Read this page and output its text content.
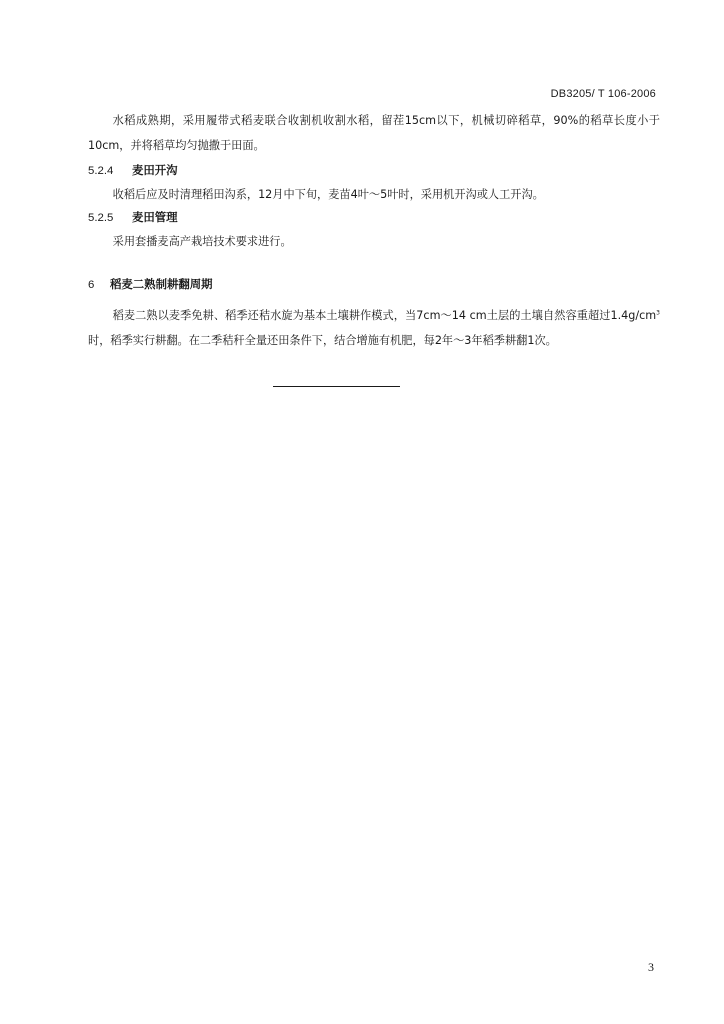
DB3205/ T 106-2006

水稻成熟期，采用履带式稻麦联合收割机收割水稻，留茬15cm以下，机械切碎稻草，90%的稻草长度小于10cm，并将稻草均匀抛撒于田面。

5.2.4 麦田开沟

收稻后应及时清理稻田沟系，12月中下旬，麦苗4叶～5叶时，采用机开沟或人工开沟。

5.2.5 麦田管理

采用套播麦高产栽培技术要求进行。

6 稻麦二熟制耕翻周期

稻麦二熟以麦季免耕、稻季还秸水旋为基本土壤耕作模式，当7cm～14 cm土层的土壤自然容重超过$1.4g/cm^3$时，稻季实行耕翻。在二季秸秆全量还田条件下，结合增施有机肥，每2年～3年稻季耕翻1次。

3
